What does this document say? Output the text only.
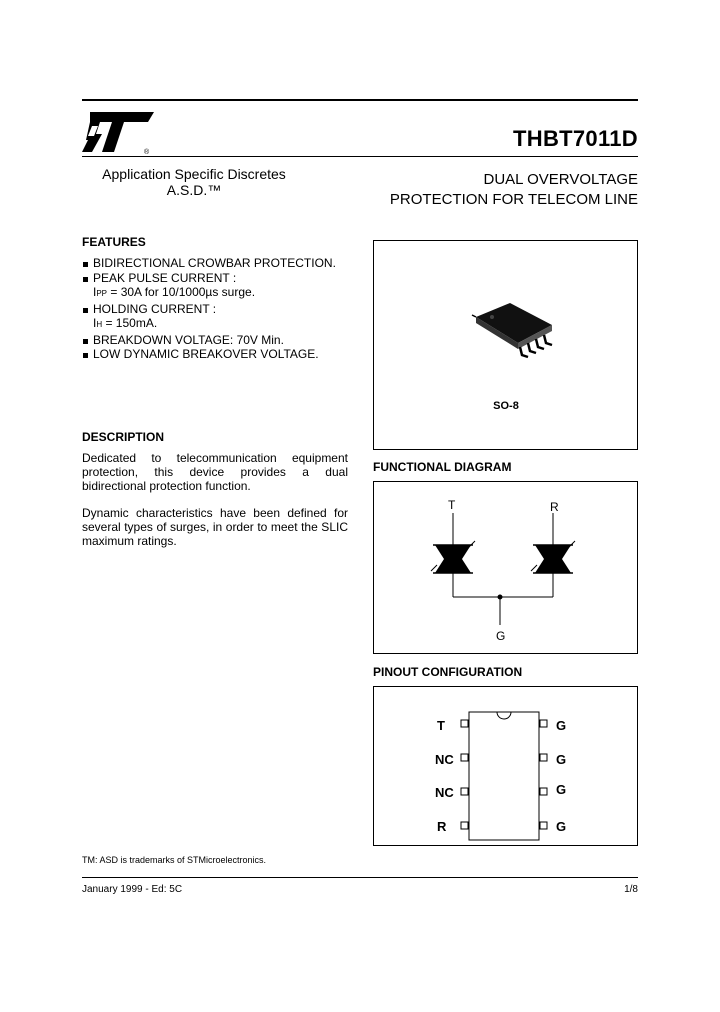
®
THBT7011D
Application Specific Discretes
A.S.D.™
DUAL OVERVOLTAGE
PROTECTION FOR TELECOM LINE
FEATURES
BIDIRECTIONAL CROWBAR PROTECTION.
PEAK PULSE CURRENT :
IPP = 30A for 10/1000µs surge.
HOLDING CURRENT :
IH = 150mA.
BREAKDOWN VOLTAGE: 70V Min.
LOW DYNAMIC BREAKOVER VOLTAGE.
DESCRIPTION
Dedicated to telecommunication equipment protection, this device provides a dual bidirectional protection function.
Dynamic characteristics have been defined for several types of surges, in order to meet the SLIC maximum ratings.
SO-8
FUNCTIONAL DIAGRAM
T	R
G
PINOUT CONFIGURATION
T
NC
NC
R
G
G
G
G
TM: ASD is trademarks of STMicroelectronics.
January 1999 - Ed: 5C	1/8
